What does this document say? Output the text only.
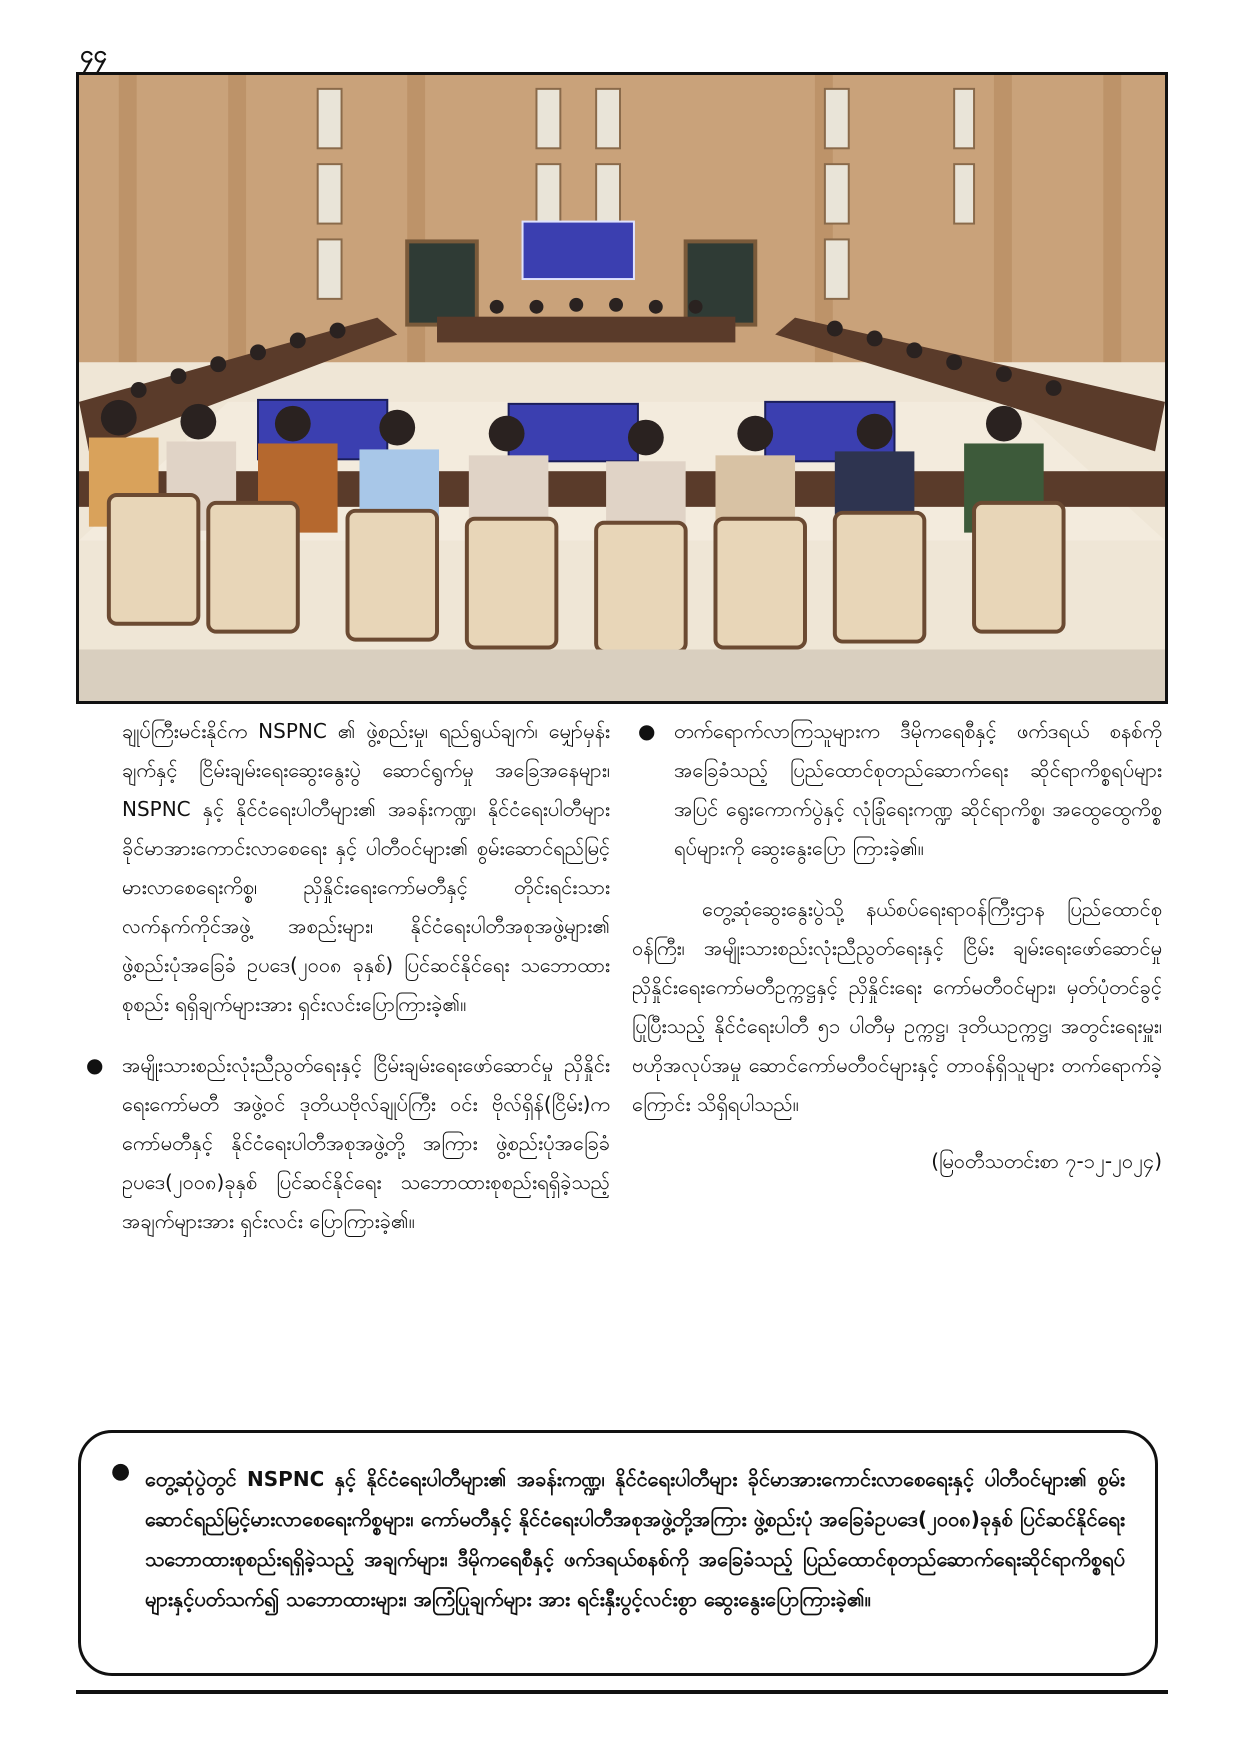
၄၄

ချုပ်ကြီးမင်းနိုင်က NSPNC ၏ ဖွဲ့စည်းမှု၊ ရည်ရွယ်ချက်၊ မျှော်မှန်းချက်နှင့် ငြိမ်းချမ်းရေးဆွေးနွေးပွဲ ဆောင်ရွက်မှု အခြေအနေများ၊ NSPNC နှင့် နိုင်ငံရေးပါတီများ၏ အခန်းကဏ္ဍ၊ နိုင်ငံရေးပါတီများ ခိုင်မာအားကောင်းလာစေရေး နှင့် ပါတီဝင်များ၏ စွမ်းဆောင်ရည်မြင့်မားလာစေရေးကိစ္စ၊ ညှိနှိုင်းရေးကော်မတီနှင့် တိုင်းရင်းသားလက်နက်ကိုင်အဖွဲ့ အစည်းများ၊ နိုင်ငံရေးပါတီအစုအဖွဲ့များ၏ ဖွဲ့စည်းပုံအခြေခံ ဥပဒေ(၂၀ဝ၈ ခုနှစ်) ပြင်ဆင်နိုင်ရေး သဘောထားစုစည်း ရရှိချက်များအား ရှင်းလင်းပြောကြားခဲ့၏။

● အမျိုးသားစည်းလုံးညီညွတ်ရေးနှင့် ငြိမ်းချမ်းရေးဖော်ဆောင်မှု ညှိနှိုင်းရေးကော်မတီ အဖွဲ့ဝင် ဒုတိယဗိုလ်ချုပ်ကြီး ဝင်း ဗိုလ်ရှိန်(ငြိမ်း)က ကော်မတီနှင့် နိုင်ငံရေးပါတီအစုအဖွဲ့တို့ အကြား ဖွဲ့စည်းပုံအခြေခံဥပဒေ(၂၀ဝ၈)ခုနှစ် ပြင်ဆင်နိုင်ရေး သဘောထားစုစည်းရရှိခဲ့သည့် အချက်များအား ရှင်းလင်း ပြောကြားခဲ့၏။

● တက်ရောက်လာကြသူများက ဒီမိုကရေစီနှင့် ဖက်ဒရယ် စနစ်ကို အခြေခံသည့် ပြည်ထောင်စုတည်ဆောက်ရေး ဆိုင်ရာကိစ္စရပ်များအပြင် ရွေးကောက်ပွဲနှင့် လုံခြုံရေးကဏ္ဍ ဆိုင်ရာကိစ္စ၊ အထွေထွေကိစ္စရပ်များကို ဆွေးနွေးပြော ကြားခဲ့၏။

တွေ့ဆုံဆွေးနွေးပွဲသို့ နယ်စပ်ရေးရာဝန်ကြီးဌာန ပြည်ထောင်စုဝန်ကြီး၊ အမျိုးသားစည်းလုံးညီညွတ်ရေးနှင့် ငြိမ်း ချမ်းရေးဖော်ဆောင်မှုညှိနှိုင်းရေးကော်မတီဥက္ကဋ္ဌနှင့် ညှိနှိုင်းရေး ကော်မတီဝင်များ၊ မှတ်ပုံတင်ခွင့်ပြုပြီးသည့် နိုင်ငံရေးပါတီ ၅၁ ပါတီမှ ဥက္ကဋ္ဌ၊ ဒုတိယဥက္ကဋ္ဌ၊ အတွင်းရေးမှူး၊ ဗဟိုအလုပ်အမှု ဆောင်ကော်မတီဝင်များနှင့် တာဝန်ရှိသူများ တက်ရောက်ခဲ့ ကြောင်း သိရှိရပါသည်။

(မြဝတီသတင်းစာ ၇-၁၂-၂၀၂၄)

● တွေ့ဆုံပွဲတွင် NSPNC နှင့် နိုင်ငံရေးပါတီများ၏ အခန်းကဏ္ဍ၊ နိုင်ငံရေးပါတီများ ခိုင်မာအားကောင်းလာစေရေးနှင့် ပါတီဝင်များ၏ စွမ်းဆောင်ရည်မြင့်မားလာစေရေးကိစ္စများ၊ ကော်မတီနှင့် နိုင်ငံရေးပါတီအစုအဖွဲ့တို့အကြား ဖွဲ့စည်းပုံ အခြေခံဥပဒေ(၂၀ဝ၈)ခုနှစ် ပြင်ဆင်နိုင်ရေး သဘောထားစုစည်းရရှိခဲ့သည့် အချက်များ၊ ဒီမိုကရေစီနှင့် ဖက်ဒရယ်စနစ်ကို အခြေခံသည့် ပြည်ထောင်စုတည်ဆောက်ရေးဆိုင်ရာကိစ္စရပ်များနှင့်ပတ်သက်၍ သဘောထားများ၊ အကြံပြုချက်များ အား ရင်းနှီးပွင့်လင်းစွာ ဆွေးနွေးပြောကြားခဲ့၏။
